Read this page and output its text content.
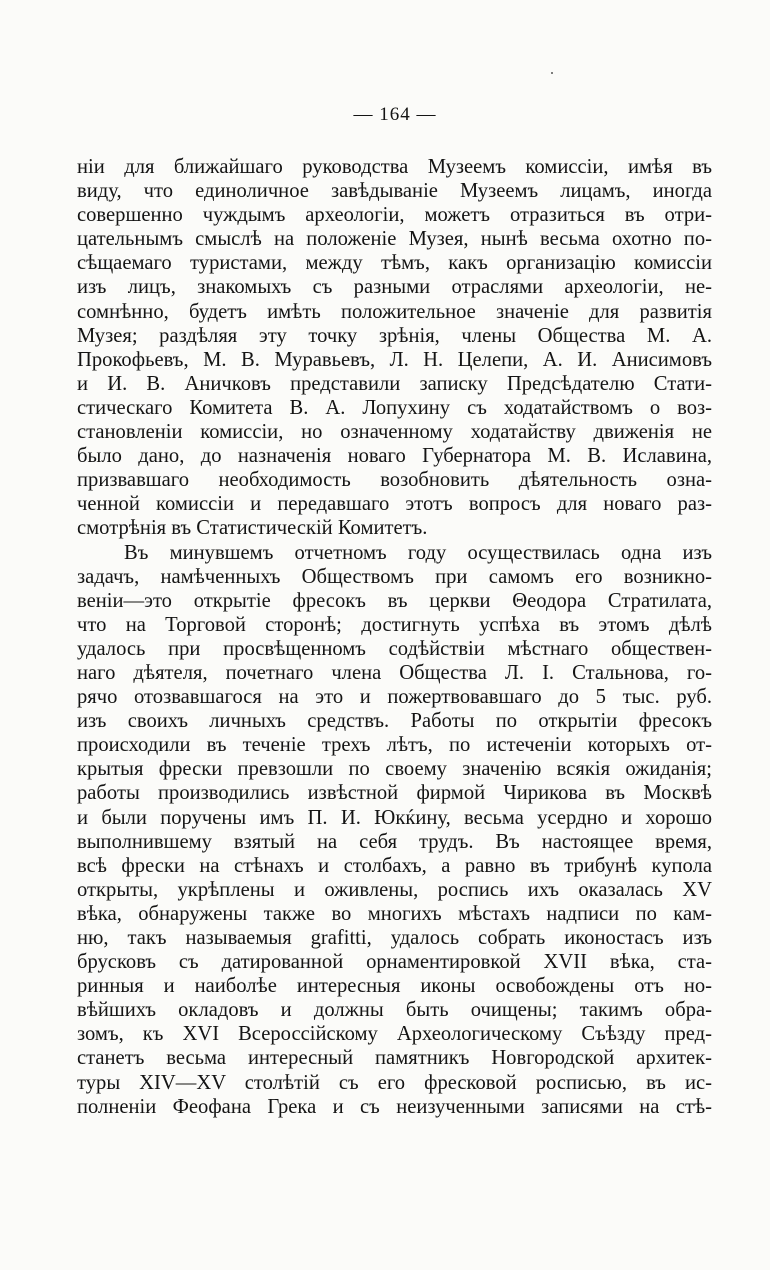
— 164 —
нiи для ближайшаго руководства Музеемъ комиссiи, имѣя въ
виду, что единоличное завѣдыванiе Музеемъ лицамъ, иногда
совершенно чуждымъ археологiи, можетъ отразиться въ отри-
цательнымъ смыслѣ на положенiе Музея, нынѣ весьма охотно по-
сѣщаемаго туристами, между тѣмъ, какъ организацiю комиссiи
изъ лицъ, знакомыхъ съ разными отраслями археологiи, не-
сомнѣнно, будетъ имѣть положительное значенiе для развитiя
Музея; раздѣляя эту точку зрѣнiя, члены Общества М. А.
Прокофьевъ, М. В. Муравьевъ, Л. Н. Целепи, А. И. Анисимовъ
и И. В. Аничковъ представили записку Предсѣдателю Стати-
стическаго Комитета В. А. Лопухину съ ходатайствомъ о воз-
становленiи комиссiи, но означенному ходатайству движенiя не
было дано, до назначенiя новаго Губернатора М. В. Иславина,
призвавшаго необходимость возобновить дѣятельность озна-
ченной комиссiи и передавшаго этотъ вопросъ для новаго раз-
смотрѣнiя въ Статистическiй Комитетъ.
Въ минувшемъ отчетномъ году осуществилась одна изъ
задачъ, намѣченныхъ Обществомъ при самомъ его возникно-
венiи—это открытiе фресокъ въ церкви Θеодора Стратилата,
что на Торговой сторонѣ; достигнуть успѣха въ этомъ дѣлѣ
удалось при просвѣщенномъ содѣйствiи мѣстнаго обществен-
наго дѣятеля, почетнаго члена Общества Л. I. Стальнова, го-
рячо отозвавшагося на это и пожертвовавшаго до 5 тыс. руб.
изъ своихъ личныхъ средствъ. Работы по открытiи фресокъ
происходили въ теченiе трехъ лѣтъ, по истеченiи которыхъ от-
крытыя фрески превзошли по своему значенiю всякiя ожиданiя;
работы производились извѣстной фирмой Чирикова въ Москвѣ
и были поручены имъ П. И. Юкќину, весьма усердно и хорошо
выполнившему взятый на себя трудъ. Въ настоящее время,
всѣ фрески на стѣнахъ и столбахъ, а равно въ трибунѣ купола
открыты, укрѣплены и оживлены, роспись ихъ оказалась XV
вѣка, обнаружены также во многихъ мѣстахъ надписи по кам-
ню, такъ называемыя grafitti, удалось собрать иконостасъ изъ
брусковъ съ датированной орнаментировкой XVII вѣка, ста-
ринныя и наиболѣе интересныя иконы освобождены отъ но-
вѣйшихъ окладовъ и должны быть очищены; такимъ обра-
зомъ, къ XVI Всероссiйскому Археологическому Съѣзду пред-
станетъ весьма интересный памятникъ Новгородской архитек-
туры XIV—XV столѣтiй съ его фресковой росписью, въ ис-
полненiи Феофана Грека и съ неизученными записями на стѣ-
